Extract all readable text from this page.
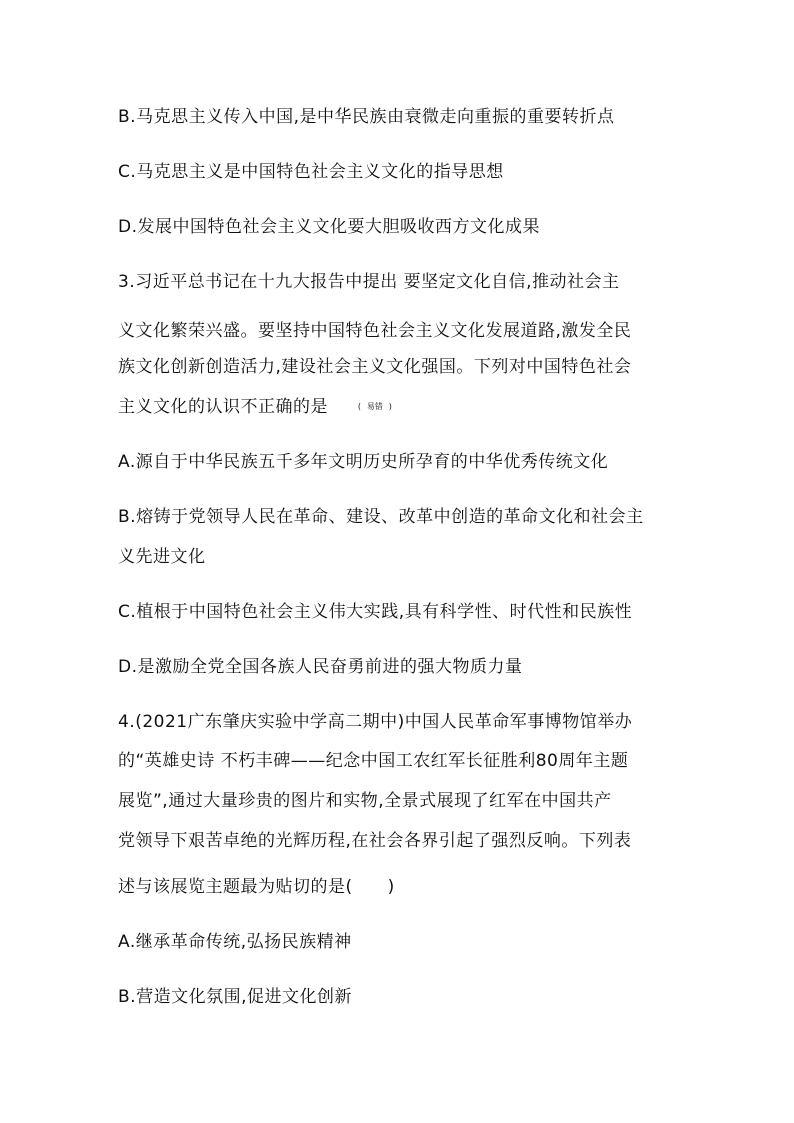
B.马克思主义传入中国,是中华民族由衰微走向重振的重要转折点
C.马克思主义是中国特色社会主义文化的指导思想
D.发展中国特色社会主义文化要大胆吸收西方文化成果
3.习近平总书记在十九大报告中提出 要坚定文化自信,推动社会主
义文化繁荣兴盛。要坚持中国特色社会主义文化发展道路,激发全民
族文化创新创造活力,建设社会主义文化强国。下列对中国特色社会
主义文化的认识不正确的是	( 易错 )
A.源自于中华民族五千多年文明历史所孕育的中华优秀传统文化
B.熔铸于党领导人民在革命、建设、改革中创造的革命文化和社会主
义先进文化
C.植根于中国特色社会主义伟大实践,具有科学性、时代性和民族性
D.是激励全党全国各族人民奋勇前进的强大物质力量
4.(2021广东肇庆实验中学高二期中)中国人民革命军事博物馆举办
的“英雄史诗 不朽丰碑——纪念中国工农红军长征胜利80周年主题
展览”,通过大量珍贵的图片和实物,全景式展现了红军在中国共产
党领导下艰苦卓绝的光辉历程,在社会各界引起了强烈反响。下列表
述与该展览主题最为贴切的是(　　)
A.继承革命传统,弘扬民族精神
B.营造文化氛围,促进文化创新
